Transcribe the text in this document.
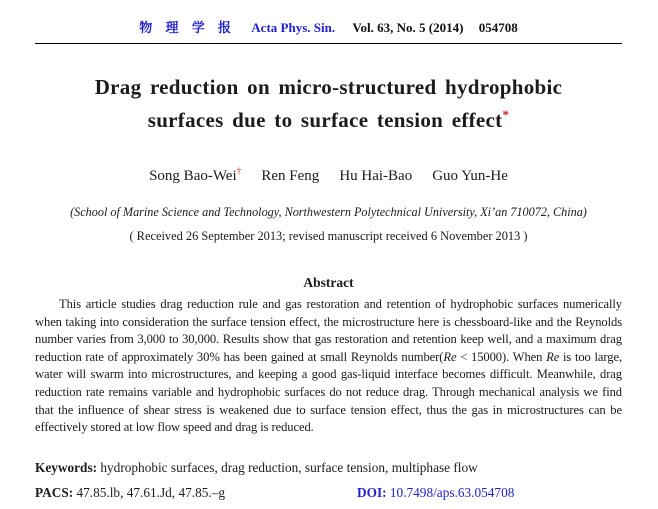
物 理 学 报 Acta Phys. Sin. Vol. 63, No. 5 (2014) 054708
Drag reduction on micro-structured hydrophobic
surfaces due to surface tension effect*
Song Bao-Wei† Ren Feng Hu Hai-Bao Guo Yun-He
(School of Marine Science and Technology, Northwestern Polytechnical University, Xi’an 710072, China)
( Received 26 September 2013; revised manuscript received 6 November 2013 )
Abstract

This article studies drag reduction rule and gas restoration and retention of hydrophobic surfaces numerically when taking into consideration the surface tension effect, the microstructure here is chessboard-like and the Reynolds number varies from 3,000 to 30,000. Results show that gas restoration and retention keep well, and a maximum drag reduction rate of approximately 30% has been gained at small Reynolds number(Re < 15000). When Re is too large, water will swarm into microstructures, and keeping a good gas-liquid interface becomes difficult. Meanwhile, drag reduction rate remains variable and hydrophobic surfaces do not reduce drag. Through mechanical analysis we find that the influence of shear stress is weakened due to surface tension effect, thus the gas in microstructures can be effectively stored at low flow speed and drag is reduced.

Keywords: hydrophobic surfaces, drag reduction, surface tension, multiphase flow
PACS: 47.85.lb, 47.61.Jd, 47.85.–g	DOI: 10.7498/aps.63.054708
